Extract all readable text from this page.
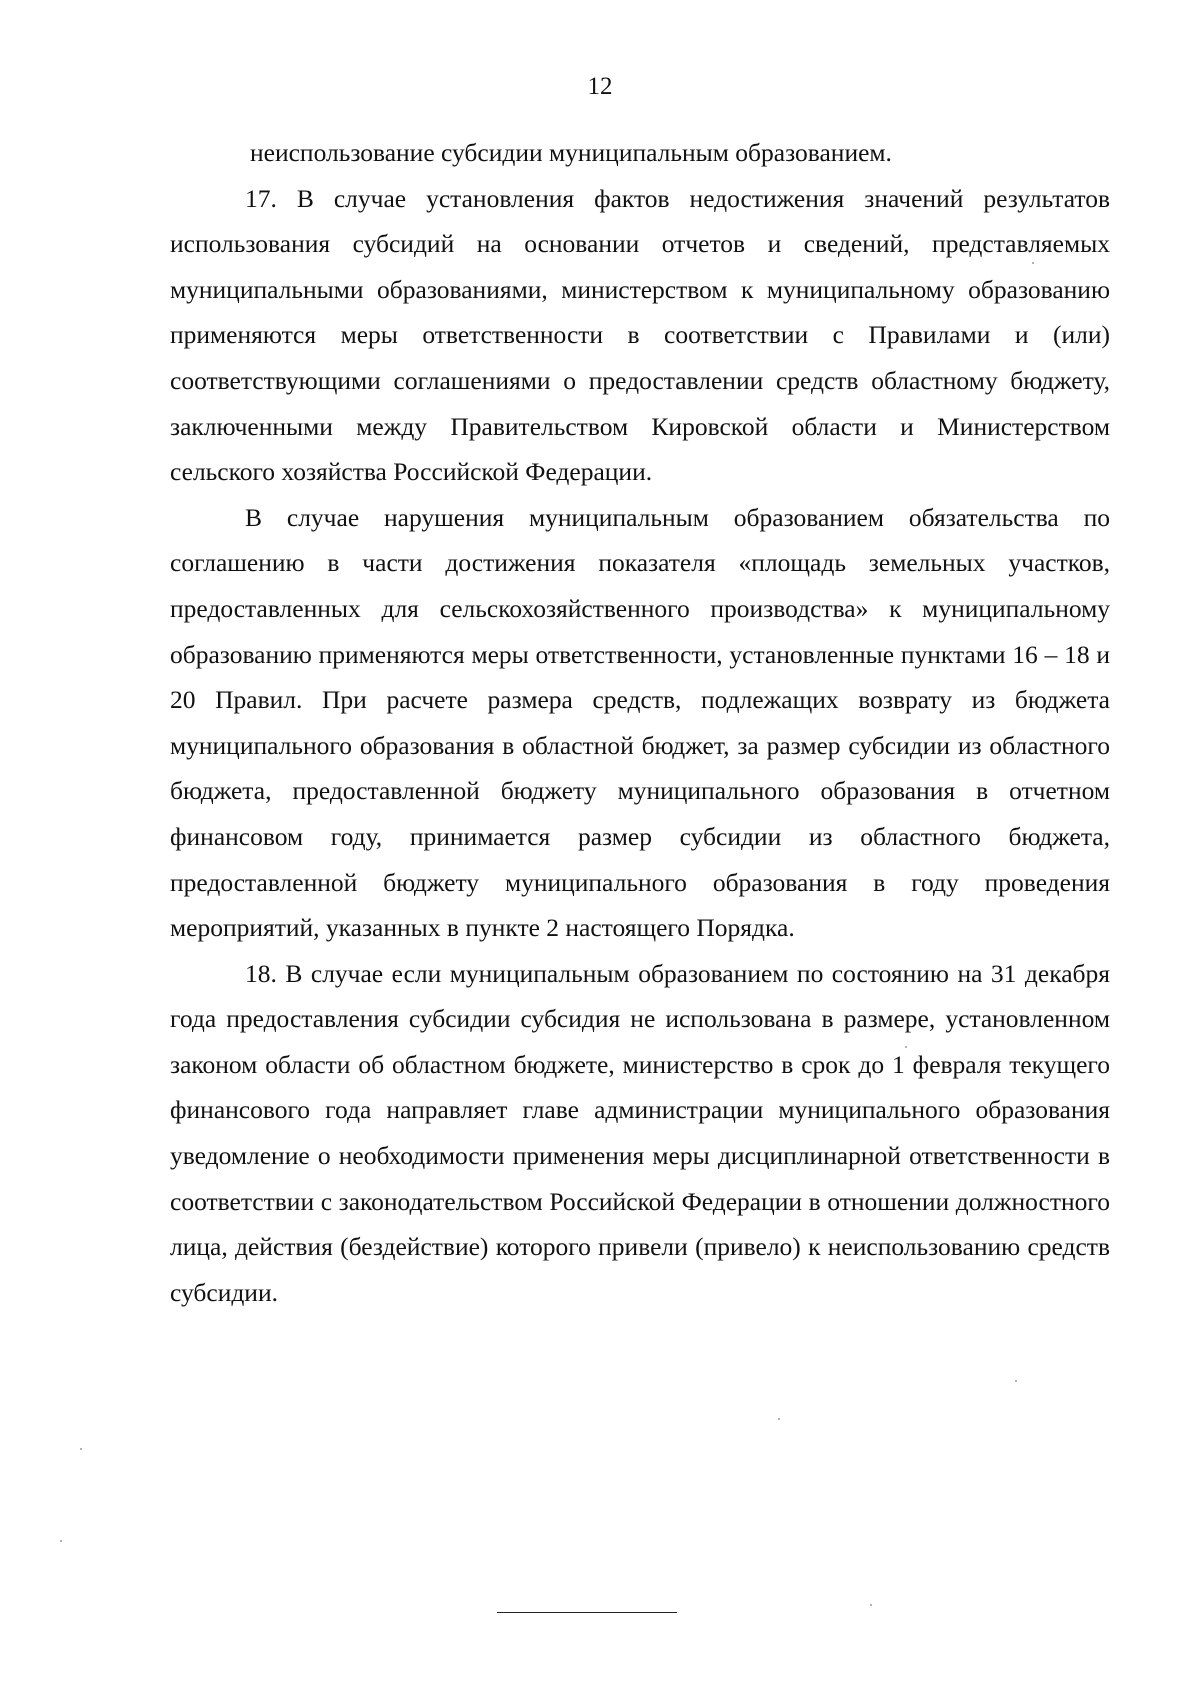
12

неиспользование субсидии муниципальным образованием.

17. В случае установления фактов недостижения значений результатов использования субсидий на основании отчетов и сведений, представляемых муниципальными образованиями, министерством к муниципальному образованию применяются меры ответственности в соответствии с Правилами и (или) соответствующими соглашениями о предоставлении средств областному бюджету, заключенными между Правительством Кировской области и Министерством сельского хозяйства Российской Федерации.

В случае нарушения муниципальным образованием обязательства по соглашению в части достижения показателя «площадь земельных участков, предоставленных для сельскохозяйственного производства» к муниципальному образованию применяются меры ответственности, установленные пунктами 16 – 18 и 20 Правил. При расчете размера средств, подлежащих возврату из бюджета муниципального образования в областной бюджет, за размер субсидии из областного бюджета, предоставленной бюджету муниципального образования в отчетном финансовом году, принимается размер субсидии из областного бюджета, предоставленной бюджету муниципального образования в году проведения мероприятий, указанных в пункте 2 настоящего Порядка.

18. В случае если муниципальным образованием по состоянию на 31 декабря года предоставления субсидии субсидия не использована в размере, установленном законом области об областном бюджете, министерство в срок до 1 февраля текущего финансового года направляет главе администрации муниципального образования уведомление о необходимости применения меры дисциплинарной ответственности в соответствии с законодательством Российской Федерации в отношении должностного лица, действия (бездействие) которого привели (привело) к неиспользованию средств субсидии.
